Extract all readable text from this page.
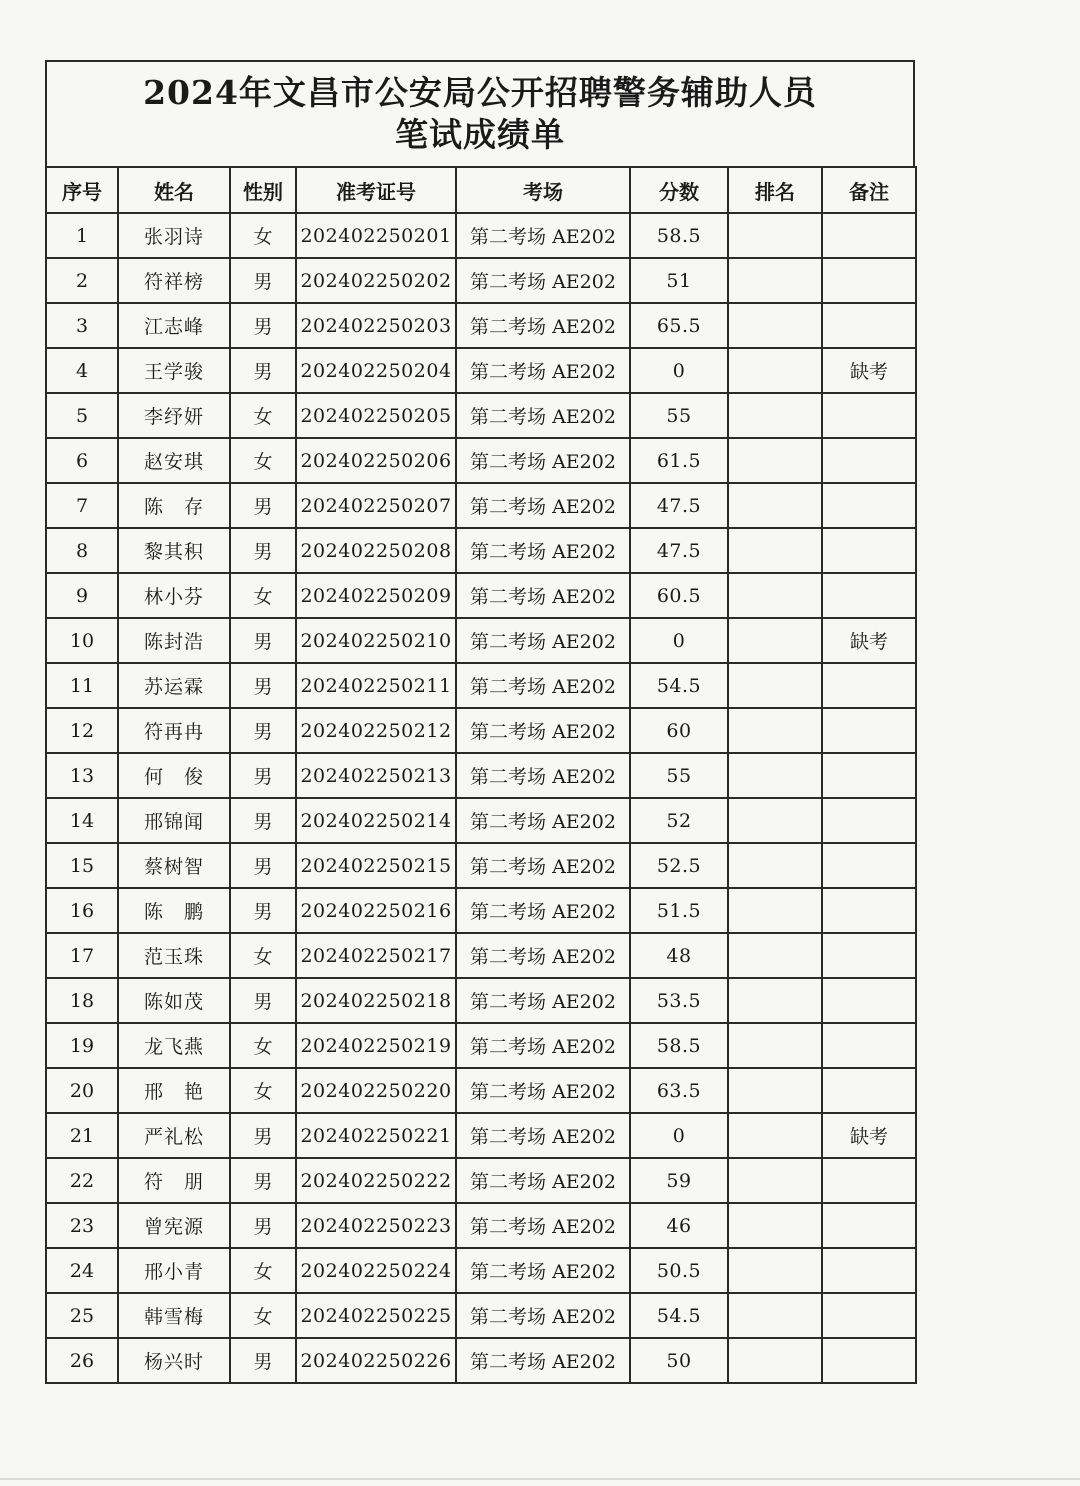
2024年文昌市公安局公开招聘警务辅助人员
笔试成绩单
序号	姓名	性别	准考证号	考场	分数	排名	备注
1	张羽诗	女	202402250201	第二考场 AE202	58.5		
2	符祥榜	男	202402250202	第二考场 AE202	51		
3	江志峰	男	202402250203	第二考场 AE202	65.5		
4	王学骏	男	202402250204	第二考场 AE202	0		缺考
5	李纾妍	女	202402250205	第二考场 AE202	55		
6	赵安琪	女	202402250206	第二考场 AE202	61.5		
7	陈　存	男	202402250207	第二考场 AE202	47.5		
8	黎其积	男	202402250208	第二考场 AE202	47.5		
9	林小芬	女	202402250209	第二考场 AE202	60.5		
10	陈封浩	男	202402250210	第二考场 AE202	0		缺考
11	苏运霖	男	202402250211	第二考场 AE202	54.5		
12	符再冉	男	202402250212	第二考场 AE202	60		
13	何　俊	男	202402250213	第二考场 AE202	55		
14	邢锦闻	男	202402250214	第二考场 AE202	52		
15	蔡树智	男	202402250215	第二考场 AE202	52.5		
16	陈　鹏	男	202402250216	第二考场 AE202	51.5		
17	范玉珠	女	202402250217	第二考场 AE202	48		
18	陈如茂	男	202402250218	第二考场 AE202	53.5		
19	龙飞燕	女	202402250219	第二考场 AE202	58.5		
20	邢　艳	女	202402250220	第二考场 AE202	63.5		
21	严礼松	男	202402250221	第二考场 AE202	0		缺考
22	符　朋	男	202402250222	第二考场 AE202	59		
23	曾宪源	男	202402250223	第二考场 AE202	46		
24	邢小青	女	202402250224	第二考场 AE202	50.5		
25	韩雪梅	女	202402250225	第二考场 AE202	54.5		
26	杨兴时	男	202402250226	第二考场 AE202	50		
